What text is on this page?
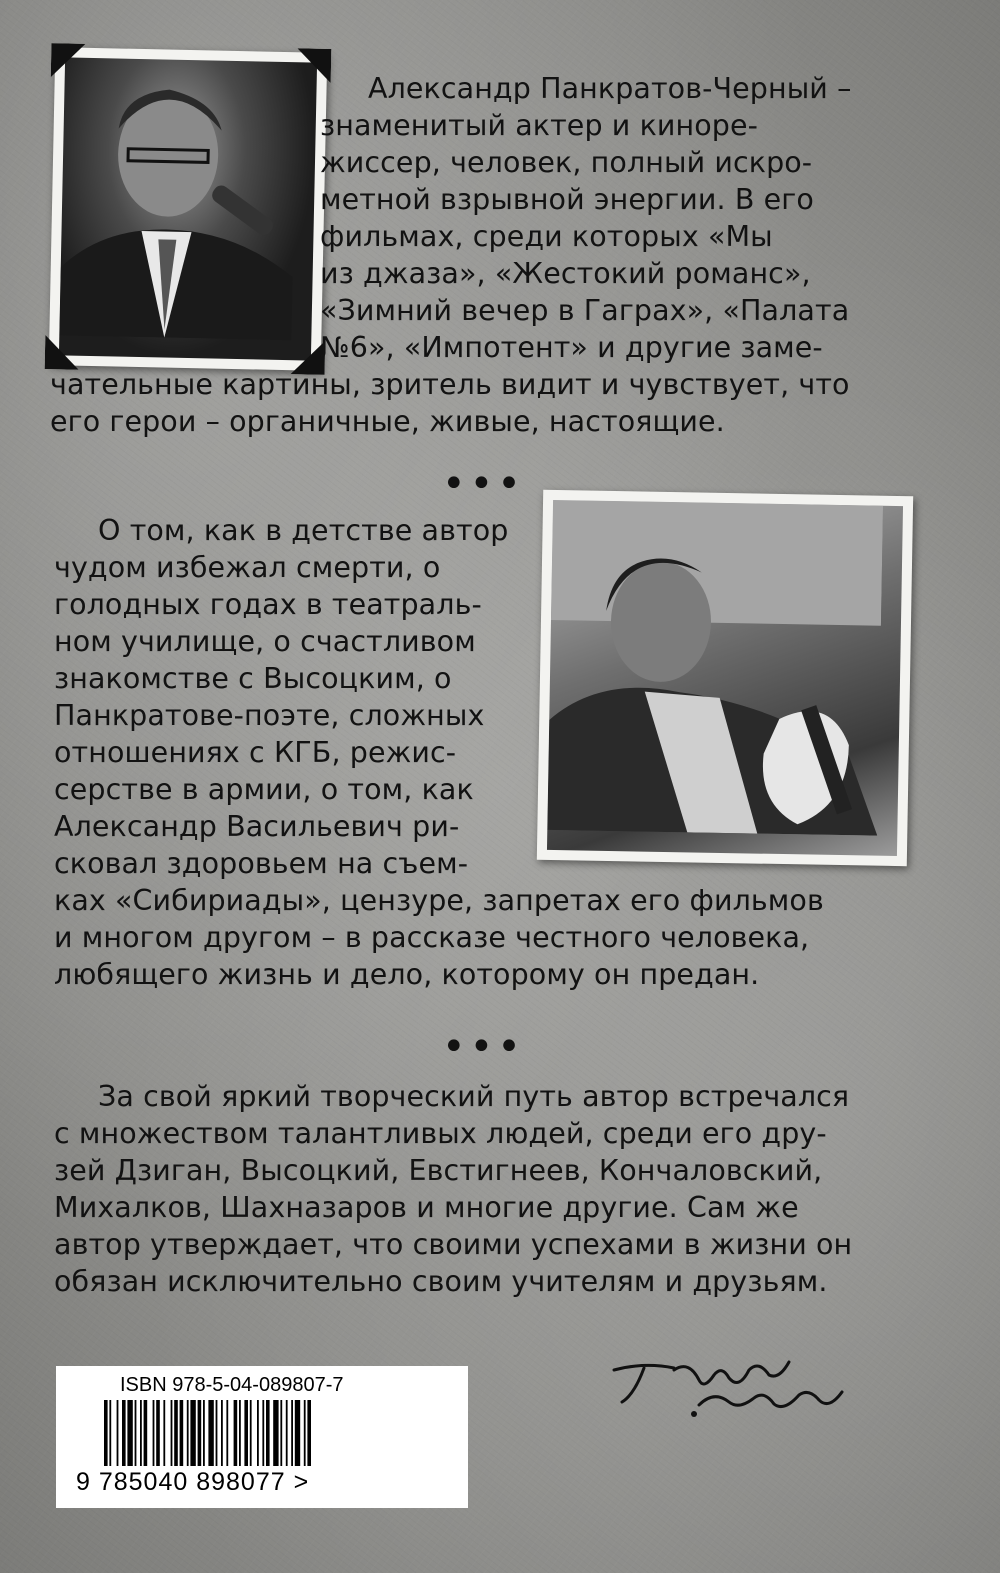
Александр Панкратов-Черный –
знаменитый актер и киноре-
жиссер, человек, полный искро-
метной взрывной энергии. В его
фильмах, среди которых «Мы
из джаза», «Жестокий романс»,
«Зимний вечер в Гаграх», «Палата
№6», «Импотент» и другие заме-
чательные картины, зритель видит и чувствует, что
его герои – органичные, живые, настоящие.
•••
О том, как в детстве автор
чудом избежал смерти, о
голодных годах в театраль-
ном училище, о счастливом
знакомстве с Высоцким, о
Панкратове-поэте, сложных
отношениях с КГБ, режис-
серстве в армии, о том, как
Александр Васильевич ри-
сковал здоровьем на съем-
ках «Сибириады», цензуре, запретах его фильмов
и многом другом – в рассказе честного человека,
любящего жизнь и дело, которому он предан.
•••
За свой яркий творческий путь автор встречался
с множеством талантливых людей, среди его дру-
зей Дзиган, Высоцкий, Евстигнеев, Кончаловский,
Михалков, Шахназаров и многие другие. Сам же
автор утверждает, что своими успехами в жизни он
обязан исключительно своим учителям и друзьям.
ISBN 978-5-04-089807-7
9 785040 898077 >
